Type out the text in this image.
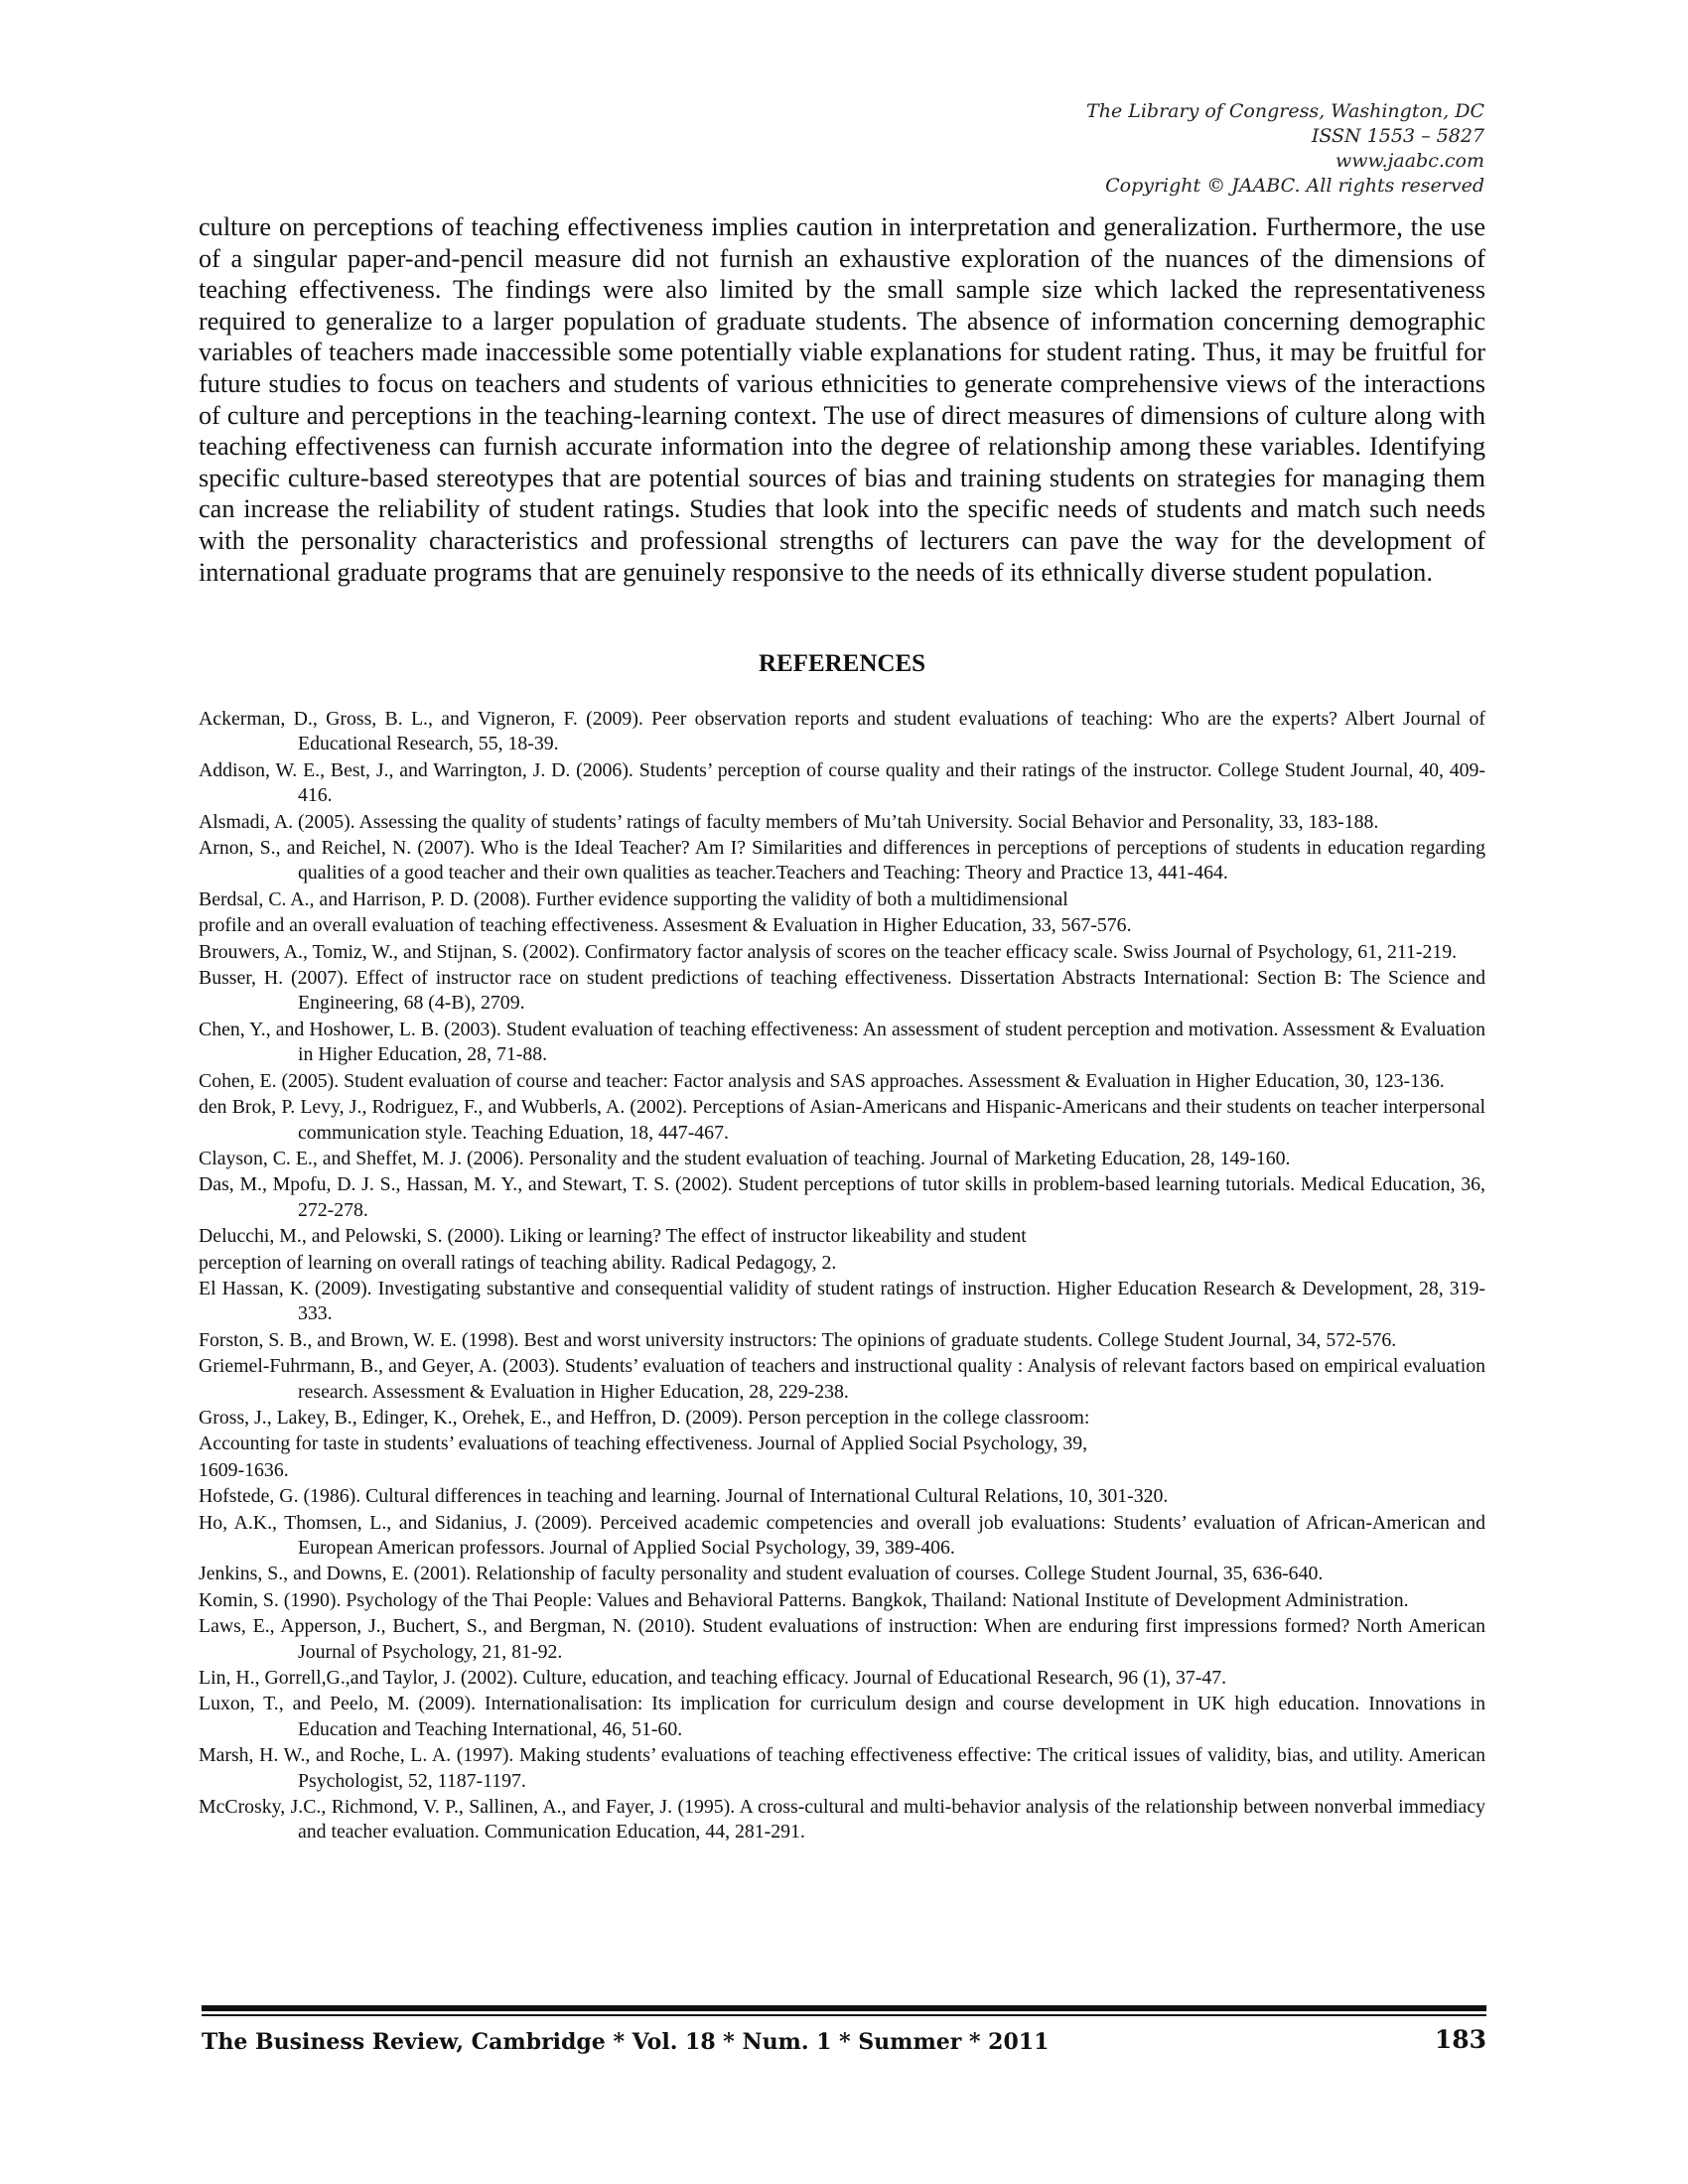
The Library of Congress, Washington, DC
ISSN 1553 – 5827
www.jaabc.com
Copyright © JAABC. All rights reserved
culture on perceptions of teaching effectiveness implies caution in interpretation and generalization. Furthermore, the use of a singular paper-and-pencil measure did not furnish an exhaustive exploration of the nuances of the dimensions of teaching effectiveness. The findings were also limited by the small sample size which lacked the representativeness required to generalize to a larger population of graduate students. The absence of information concerning demographic variables of teachers made inaccessible some potentially viable explanations for student rating. Thus, it may be fruitful for future studies to focus on teachers and students of various ethnicities to generate comprehensive views of the interactions of culture and perceptions in the teaching-learning context. The use of direct measures of dimensions of culture along with teaching effectiveness can furnish accurate information into the degree of relationship among these variables. Identifying specific culture-based stereotypes that are potential sources of bias and training students on strategies for managing them can increase the reliability of student ratings. Studies that look into the specific needs of students and match such needs with the personality characteristics and professional strengths of lecturers can pave the way for the development of international graduate programs that are genuinely responsive to the needs of its ethnically diverse student population.
REFERENCES
Ackerman, D., Gross, B. L., and Vigneron, F. (2009). Peer observation reports and student evaluations of teaching: Who are the experts? Albert Journal of Educational Research, 55, 18-39.
Addison, W. E., Best, J., and Warrington, J. D. (2006). Students’ perception of course quality and their ratings of the instructor. College Student Journal, 40, 409-416.
Alsmadi, A. (2005). Assessing the quality of students’ ratings of faculty members of Mu’tah University. Social Behavior and Personality, 33, 183-188.
Arnon, S., and Reichel, N. (2007). Who is the Ideal Teacher? Am I? Similarities and differences in perceptions of perceptions of students in education regarding qualities of a good teacher and their own qualities as teacher.Teachers and Teaching: Theory and Practice 13, 441-464.
Berdsal, C. A., and Harrison, P. D. (2008). Further evidence supporting the validity of both a multidimensional
profile and an overall evaluation of teaching effectiveness. Assesment & Evaluation in Higher Education, 33, 567-576.
Brouwers, A., Tomiz, W., and Stijnan, S. (2002). Confirmatory factor analysis of scores on the teacher efficacy scale. Swiss Journal of Psychology, 61, 211-219.
Busser, H. (2007). Effect of instructor race on student predictions of teaching effectiveness. Dissertation Abstracts International: Section B: The Science and Engineering, 68 (4-B), 2709.
Chen, Y., and Hoshower, L. B. (2003). Student evaluation of teaching effectiveness: An assessment of student perception and motivation. Assessment & Evaluation in Higher Education, 28, 71-88.
Cohen, E. (2005). Student evaluation of course and teacher: Factor analysis and SAS approaches. Assessment & Evaluation in Higher Education, 30, 123-136.
den Brok, P. Levy, J., Rodriguez, F., and Wubberls, A. (2002). Perceptions of Asian-Americans and Hispanic-Americans and their students on teacher interpersonal communication style. Teaching Eduation, 18, 447-467.
Clayson, C. E., and Sheffet, M. J. (2006). Personality and the student evaluation of teaching. Journal of Marketing Education, 28, 149-160.
Das, M., Mpofu, D. J. S., Hassan, M. Y., and Stewart, T. S. (2002). Student perceptions of tutor skills in problem-based learning tutorials. Medical Education, 36, 272-278.
Delucchi, M., and Pelowski, S. (2000). Liking or learning? The effect of instructor likeability and student
perception of learning on overall ratings of teaching ability. Radical Pedagogy, 2.
El Hassan, K. (2009). Investigating substantive and consequential validity of student ratings of instruction. Higher Education Research & Development, 28, 319-333.
Forston, S. B., and Brown, W. E. (1998). Best and worst university instructors: The opinions of graduate students. College Student Journal, 34, 572-576.
Griemel-Fuhrmann, B., and Geyer, A. (2003). Students’ evaluation of teachers and instructional quality : Analysis of relevant factors based on empirical evaluation research. Assessment & Evaluation in Higher Education, 28, 229-238.
Gross, J., Lakey, B., Edinger, K., Orehek, E., and Heffron, D. (2009). Person perception in the college classroom:
Accounting for taste in students’ evaluations of teaching effectiveness. Journal of Applied Social Psychology, 39,
1609-1636.
Hofstede, G. (1986). Cultural differences in teaching and learning. Journal of International Cultural Relations, 10, 301-320.
Ho, A.K., Thomsen, L., and Sidanius, J. (2009). Perceived academic competencies and overall job evaluations: Students’ evaluation of African-American and European American professors. Journal of Applied Social Psychology, 39, 389-406.
Jenkins, S., and Downs, E. (2001). Relationship of faculty personality and student evaluation of courses. College Student Journal, 35, 636-640.
Komin, S. (1990). Psychology of the Thai People: Values and Behavioral Patterns. Bangkok, Thailand: National Institute of Development Administration.
Laws, E., Apperson, J., Buchert, S., and Bergman, N. (2010). Student evaluations of instruction: When are enduring first impressions formed? North American Journal of Psychology, 21, 81-92.
Lin, H., Gorrell,G.,and Taylor, J. (2002). Culture, education, and teaching efficacy. Journal of Educational Research, 96 (1), 37-47.
Luxon, T., and Peelo, M. (2009). Internationalisation: Its implication for curriculum design and course development in UK high education. Innovations in Education and Teaching International, 46, 51-60.
Marsh, H. W., and Roche, L. A. (1997). Making students’ evaluations of teaching effectiveness effective: The critical issues of validity, bias, and utility. American Psychologist, 52, 1187-1197.
McCrosky, J.C., Richmond, V. P., Sallinen, A., and Fayer, J. (1995). A cross-cultural and multi-behavior analysis of the relationship between nonverbal immediacy and teacher evaluation. Communication Education, 44, 281-291.
The Business Review, Cambridge * Vol. 18 * Num. 1 * Summer * 2011	183
